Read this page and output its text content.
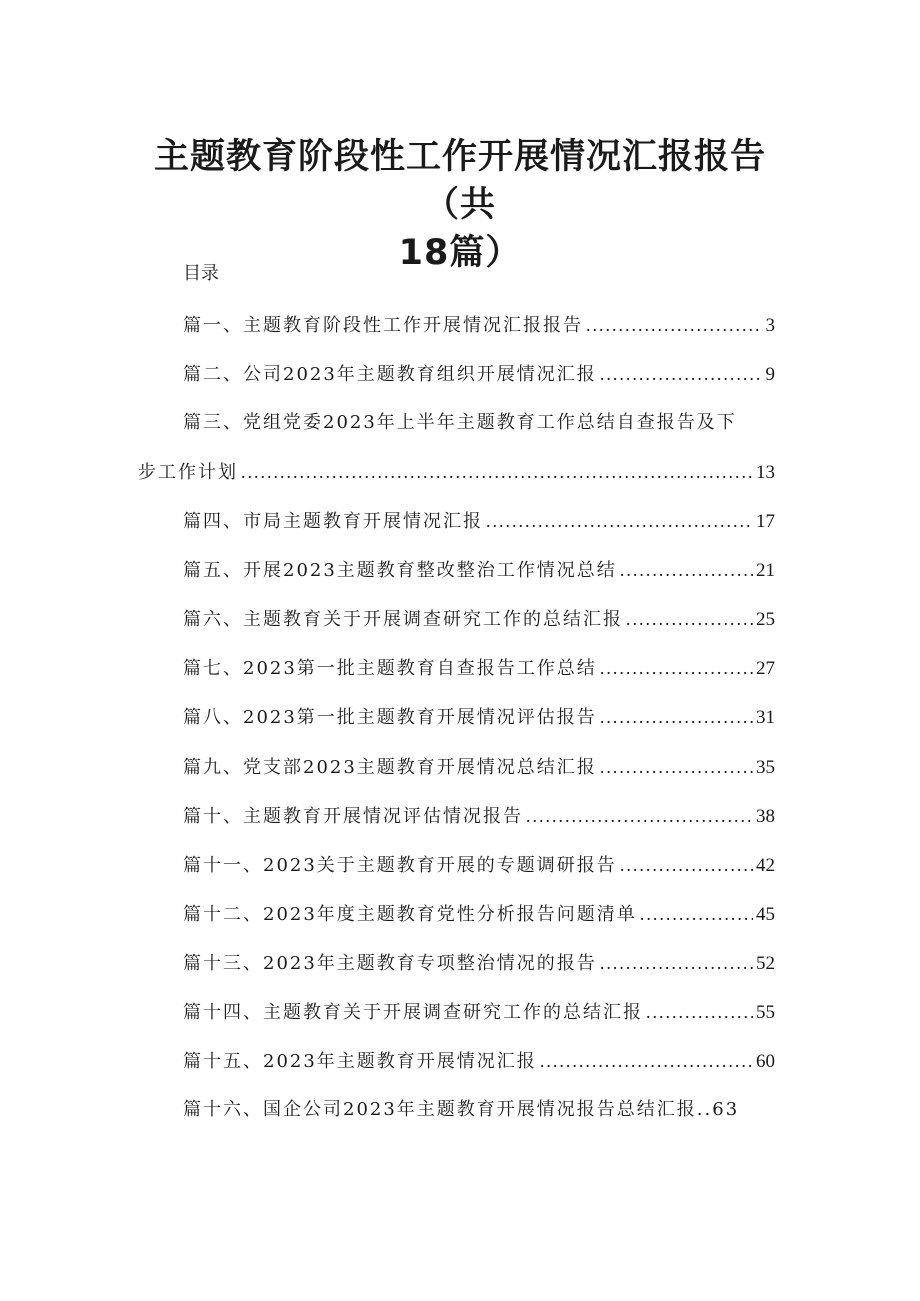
主题教育阶段性工作开展情况汇报报告（共
18篇）
目录
篇一、主题教育阶段性工作开展情况汇报报告 .....	3
篇二、公司2023年主题教育组织开展情况汇报 .....	9
篇三、党组党委2023年上半年主题教育工作总结自查报告及下
步工作计划 .....	13
篇四、市局主题教育开展情况汇报 .....	17
篇五、开展2023主题教育整改整治工作情况总结 .....	21
篇六、主题教育关于开展调查研究工作的总结汇报 .....	25
篇七、2023第一批主题教育自查报告工作总结 .....	27
篇八、2023第一批主题教育开展情况评估报告 .....	31
篇九、党支部2023主题教育开展情况总结汇报 .....	35
篇十、主题教育开展情况评估情况报告 .....	38
篇十一、2023关于主题教育开展的专题调研报告 .....	42
篇十二、2023年度主题教育党性分析报告问题清单 .....	45
篇十三、2023年主题教育专项整治情况的报告 .....	52
篇十四、主题教育关于开展调查研究工作的总结汇报 .....	55
篇十五、2023年主题教育开展情况汇报 .....	60
篇十六、国企公司2023年主题教育开展情况报告总结汇报..63
